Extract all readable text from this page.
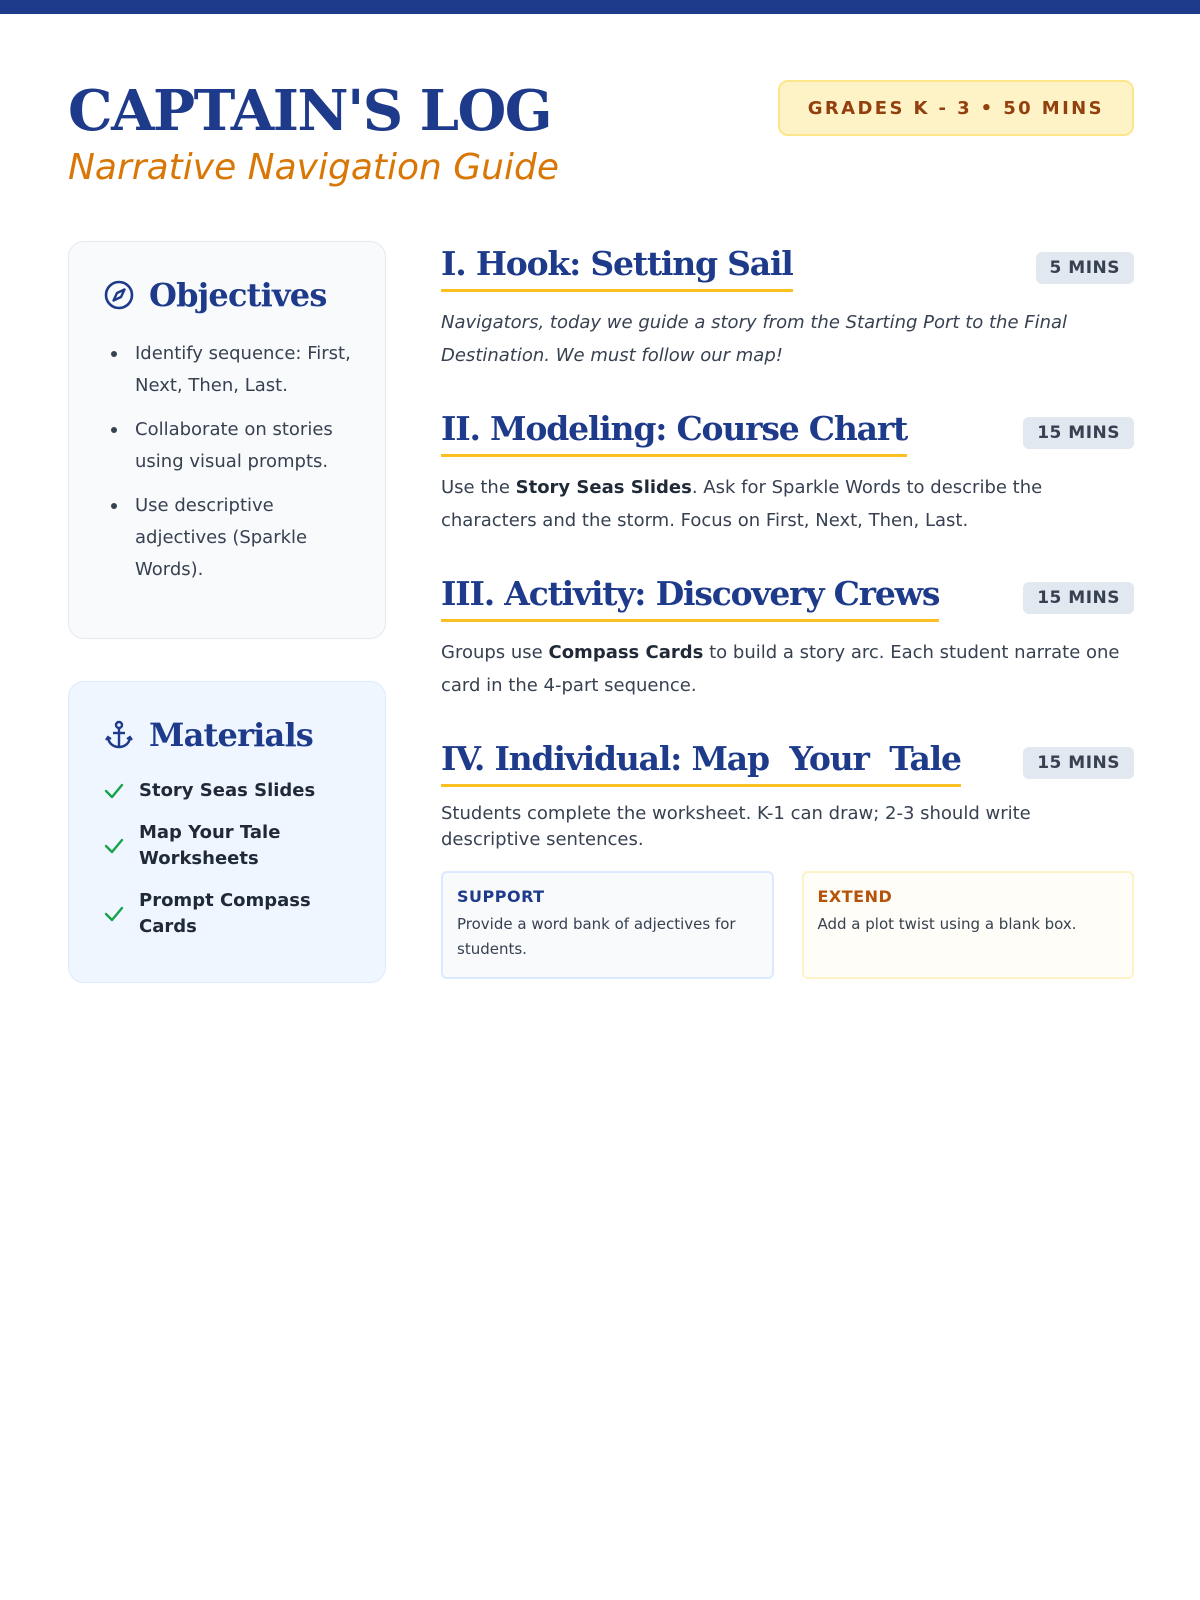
CAPTAIN'S LOG
Narrative Navigation Guide
GRADES K - 3 • 50 MINS
Objectives
Identify sequence: First, Next, Then, Last.
Collaborate on stories using visual prompts.
Use descriptive adjectives (Sparkle Words).
Materials
Story Seas Slides
Map Your Tale Worksheets
Prompt Compass Cards
I. Hook: Setting Sail	5 MINS
Navigators, today we guide a story from the Starting Port to the Final Destination. We must follow our map!
II. Modeling: Course Chart	15 MINS
Use the Story Seas Slides. Ask for Sparkle Words to describe the characters and the storm. Focus on First, Next, Then, Last.
III. Activity: Discovery Crews	15 MINS
Groups use Compass Cards to build a story arc. Each student narrate one card in the 4-part sequence.
IV. Individual: Map  Your  Tale	15 MINS
Students complete the worksheet. K-1 can draw; 2-3 should write descriptive sentences.
SUPPORT
Provide a word bank of adjectives for students.
EXTEND
Add a plot twist using a blank box.
